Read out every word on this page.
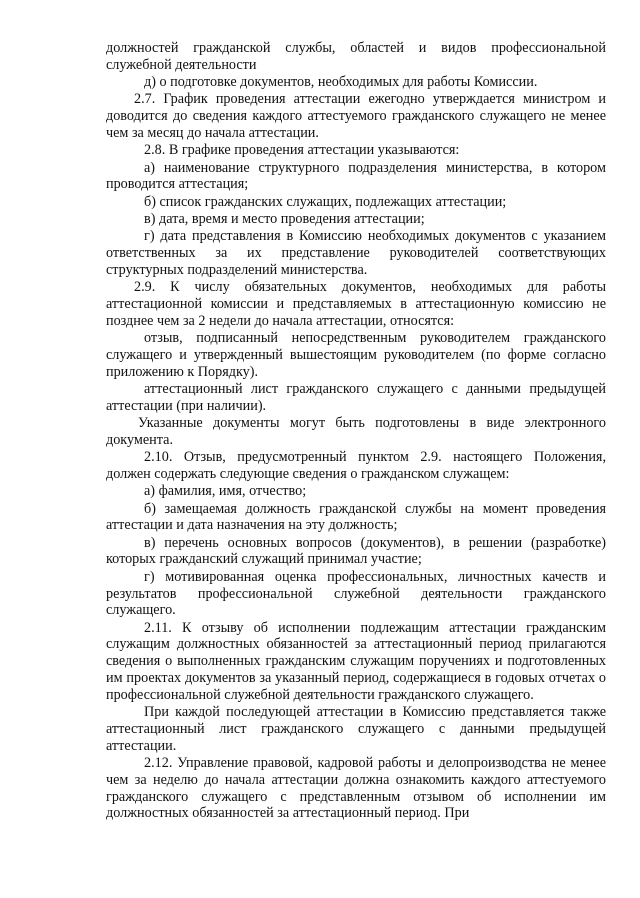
должностей гражданской службы, областей и видов профессиональной служебной деятельности

д) о подготовке документов, необходимых для работы Комиссии.

2.7. График проведения аттестации ежегодно утверждается министром и доводится до сведения каждого аттестуемого гражданского служащего не менее чем за месяц до начала аттестации.

2.8. В графике проведения аттестации указываются:

а) наименование структурного подразделения министерства, в котором проводится аттестация;

б) список гражданских служащих, подлежащих аттестации;

в) дата, время и место проведения аттестации;

г) дата представления в Комиссию необходимых документов с указанием ответственных за их представление руководителей соответствующих структурных подразделений министерства.

2.9. К числу обязательных документов, необходимых для работы аттестационной комиссии и представляемых в аттестационную комиссию не позднее чем за 2 недели до начала аттестации, относятся:

отзыв, подписанный непосредственным руководителем гражданского служащего и утвержденный вышестоящим руководителем (по форме согласно приложению к Порядку).

аттестационный лист гражданского служащего с данными предыдущей аттестации (при наличии).

Указанные документы могут быть подготовлены в виде электронного документа.

2.10. Отзыв, предусмотренный пунктом 2.9. настоящего Положения, должен содержать следующие сведения о гражданском служащем:

а) фамилия, имя, отчество;

б) замещаемая должность гражданской службы на момент проведения аттестации и дата назначения на эту должность;

в) перечень основных вопросов (документов), в решении (разработке) которых гражданский служащий принимал участие;

г) мотивированная оценка профессиональных, личностных качеств и результатов профессиональной служебной деятельности гражданского служащего.

2.11. К отзыву об исполнении подлежащим аттестации гражданским служащим должностных обязанностей за аттестационный период прилагаются сведения о выполненных гражданским служащим поручениях и подготовленных им проектах документов за указанный период, содержащиеся в годовых отчетах о профессиональной служебной деятельности гражданского служащего.

При каждой последующей аттестации в Комиссию представляется также аттестационный лист гражданского служащего с данными предыдущей аттестации.

2.12. Управление правовой, кадровой работы и делопроизводства не менее чем за неделю до начала аттестации должна ознакомить каждого аттестуемого гражданского служащего с представленным отзывом об исполнении им должностных обязанностей за аттестационный период. При
